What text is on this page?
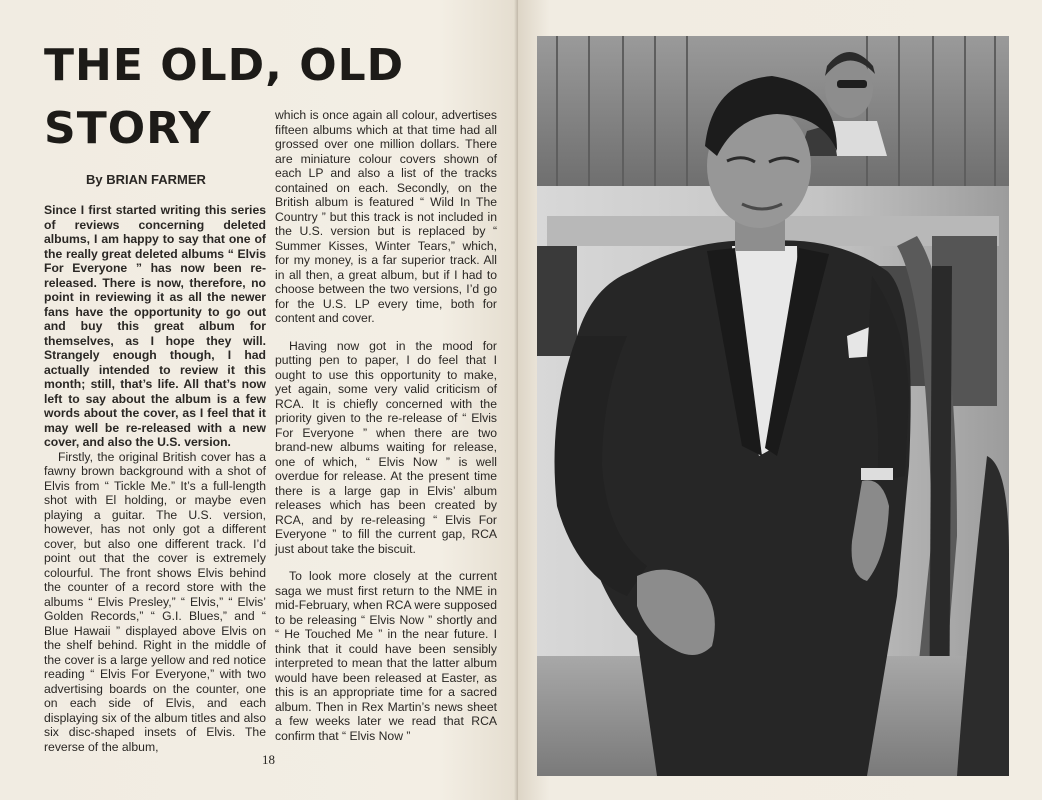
THE OLD, OLD STORY
By BRIAN FARMER

Since I first started writing this series of reviews concerning deleted albums, I am happy to say that one of the really great deleted albums “ Elvis For Everyone ” has now been re-released. There is now, therefore, no point in reviewing it as all the newer fans have the opportunity to go out and buy this great album for themselves, as I hope they will. Strangely enough though, I had actually intended to review it this month; still, that’s life. All that’s now left to say about the album is a few words about the cover, as I feel that it may well be re-released with a new cover, and also the U.S. version.

Firstly, the original British cover has a fawny brown background with a shot of Elvis from “ Tickle Me.” It’s a full-length shot with El holding, or maybe even playing a guitar. The U.S. version, however, has not only got a different cover, but also one different track. I’d point out that the cover is extremely colourful. The front shows Elvis behind the counter of a record store with the albums “ Elvis Presley,” “ Elvis,” “ Elvis’ Golden Records,” “ G.I. Blues,” and “ Blue Hawaii ” displayed above Elvis on the shelf behind. Right in the middle of the cover is a large yellow and red notice reading “ Elvis For Everyone,” with two advertising boards on the counter, one on each side of Elvis, and each displaying six of the album titles and also six disc-shaped insets of Elvis. The reverse of the album,

which is once again all colour, advertises fifteen albums which at that time had all grossed over one million dollars. There are miniature colour covers shown of each LP and also a list of the tracks contained on each. Secondly, on the British album is featured “ Wild In The Country ” but this track is not included in the U.S. version but is replaced by “ Summer Kisses, Winter Tears,” which, for my money, is a far superior track. All in all then, a great album, but if I had to choose between the two versions, I’d go for the U.S. LP every time, both for content and cover.

Having now got in the mood for putting pen to paper, I do feel that I ought to use this opportunity to make, yet again, some very valid criticism of RCA. It is chiefly concerned with the priority given to the re-release of “ Elvis For Everyone ” when there are two brand-new albums waiting for release, one of which, “ Elvis Now ” is well overdue for release. At the present time there is a large gap in Elvis’ album releases which has been created by RCA, and by re-releasing “ Elvis For Everyone ” to fill the current gap, RCA just about take the biscuit.

To look more closely at the current saga we must first return to the NME in mid-February, when RCA were supposed to be releasing “ Elvis Now ” shortly and “ He Touched Me ” in the near future. I think that it could have been sensibly interpreted to mean that the latter album would have been released at Easter, as this is an appropriate time for a sacred album. Then in Rex Martin’s news sheet a few weeks later we read that RCA confirm that “ Elvis Now ”

18
